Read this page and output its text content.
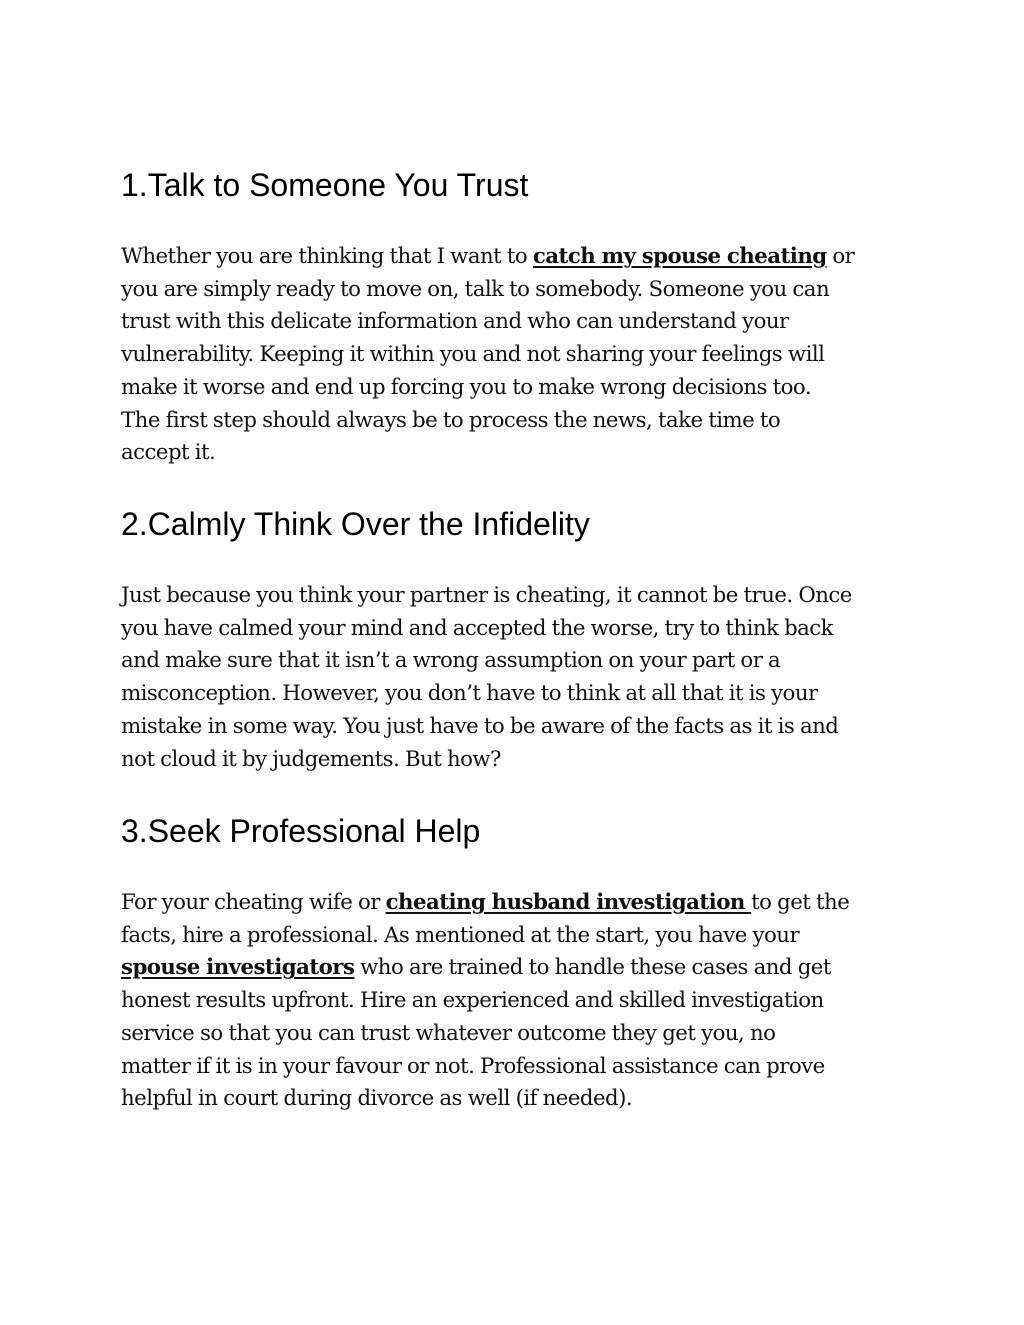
1.Talk to Someone You Trust

Whether you are thinking that I want to catch my spouse cheating or
you are simply ready to move on, talk to somebody. Someone you can
trust with this delicate information and who can understand your
vulnerability. Keeping it within you and not sharing your feelings will
make it worse and end up forcing you to make wrong decisions too.
The first step should always be to process the news, take time to
accept it.

2.Calmly Think Over the Infidelity

Just because you think your partner is cheating, it cannot be true. Once
you have calmed your mind and accepted the worse, try to think back
and make sure that it isn’t a wrong assumption on your part or a
misconception. However, you don’t have to think at all that it is your
mistake in some way. You just have to be aware of the facts as it is and
not cloud it by judgements. But how?

3.Seek Professional Help

For your cheating wife or cheating husband investigation to get the
facts, hire a professional. As mentioned at the start, you have your
spouse investigators who are trained to handle these cases and get
honest results upfront. Hire an experienced and skilled investigation
service so that you can trust whatever outcome they get you, no
matter if it is in your favour or not. Professional assistance can prove
helpful in court during divorce as well (if needed).
